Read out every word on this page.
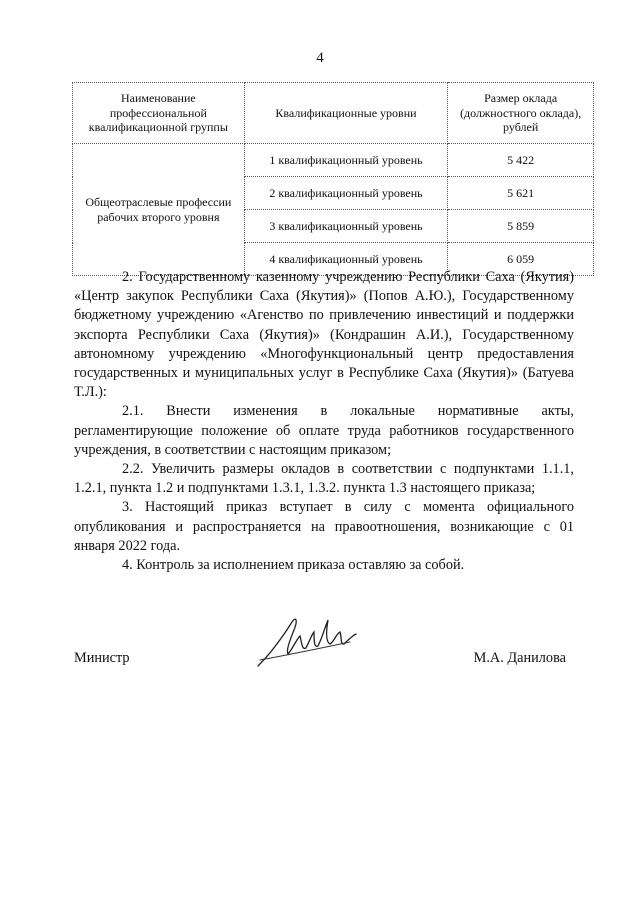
4
Наименование профессиональной квалификационной группы	Квалификационные уровни	Размер оклада (должностного оклада), рублей
Общеотраслевые профессии рабочих второго уровня	1 квалификационный уровень	5 422
	2 квалификационный уровень	5 621
	3 квалификационный уровень	5 859
	4 квалификационный уровень	6 059

2. Государственному казенному учреждению Республики Саха (Якутия) «Центр закупок Республики Саха (Якутия)» (Попов А.Ю.), Государственному бюджетному учреждению «Агенство по привлечению инвестиций и поддержки экспорта Республики Саха (Якутия)» (Кондрашин А.И.), Государственному автономному учреждению «Многофункциональный центр предоставления государственных и муниципальных услуг в Республике Саха (Якутия)» (Батуева Т.Л.):

2.1. Внести изменения в локальные нормативные акты, регламентирующие положение об оплате труда работников государственного учреждения, в соответствии с настоящим приказом;

2.2. Увеличить размеры окладов в соответствии с подпунктами 1.1.1, 1.2.1, пункта 1.2 и подпунктами 1.3.1, 1.3.2. пункта 1.3 настоящего приказа;

3. Настоящий приказ вступает в силу с момента официального опубликования и распространяется на правоотношения, возникающие с 01 января 2022 года.

4. Контроль за исполнением приказа оставляю за собой.

Министр	М.А. Данилова
